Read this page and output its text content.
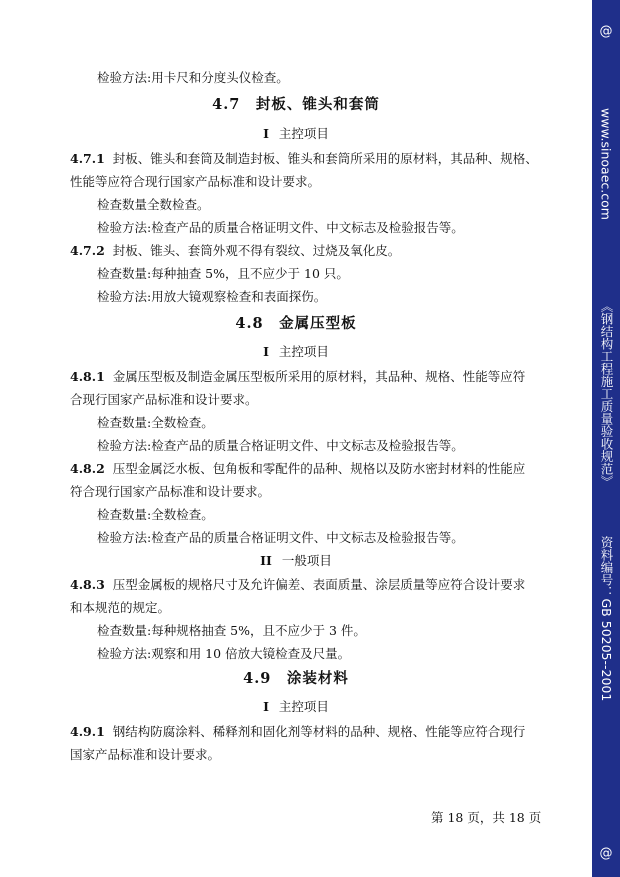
检验方法:用卡尺和分度头仪检查。
4.7　封板、锥头和套筒
I 主控项目
4.7.1 封板、锥头和套筒及制造封板、锥头和套筒所采用的原材料，其品种、规格、
性能等应符合现行国家产品标准和设计要求。
检查数量全数检查。
检验方法:检查产品的质量合格证明文件、中文标志及检验报告等。
4.7.2 封板、锥头、套筒外观不得有裂纹、过烧及氧化皮。
检查数量:每种抽查 5%，且不应少于 10 只。
检验方法:用放大镜观察检查和表面探伤。
4.8　金属压型板
I 主控项目
4.8.1 金属压型板及制造金属压型板所采用的原材料，其品种、规格、性能等应符
合现行国家产品标准和设计要求。
检查数量:全数检查。
检验方法:检查产品的质量合格证明文件、中文标志及检验报告等。
4.8.2 压型金属泛水板、包角板和零配件的品种、规格以及防水密封材料的性能应
符合现行国家产品标准和设计要求。
检查数量:全数检查。
检验方法:检查产品的质量合格证明文件、中文标志及检验报告等。
II 一般项目
4.8.3 压型金属板的规格尺寸及允许偏差、表面质量、涂层质量等应符合设计要求
和本规范的规定。
检查数量:每种规格抽查 5%，且不应少于 3 件。
检验方法:观察和用 10 倍放大镜检查及尺量。
4.9　涂装材料
I 主控项目
4.9.1 钢结构防腐涂料、稀释剂和固化剂等材料的品种、规格、性能等应符合现行
国家产品标准和设计要求。
第 18 页，共 18 页
@
www.sinoaec.com
《钢结构工程施工质量验收规范》
资料编号：GB 50205--2001
@
